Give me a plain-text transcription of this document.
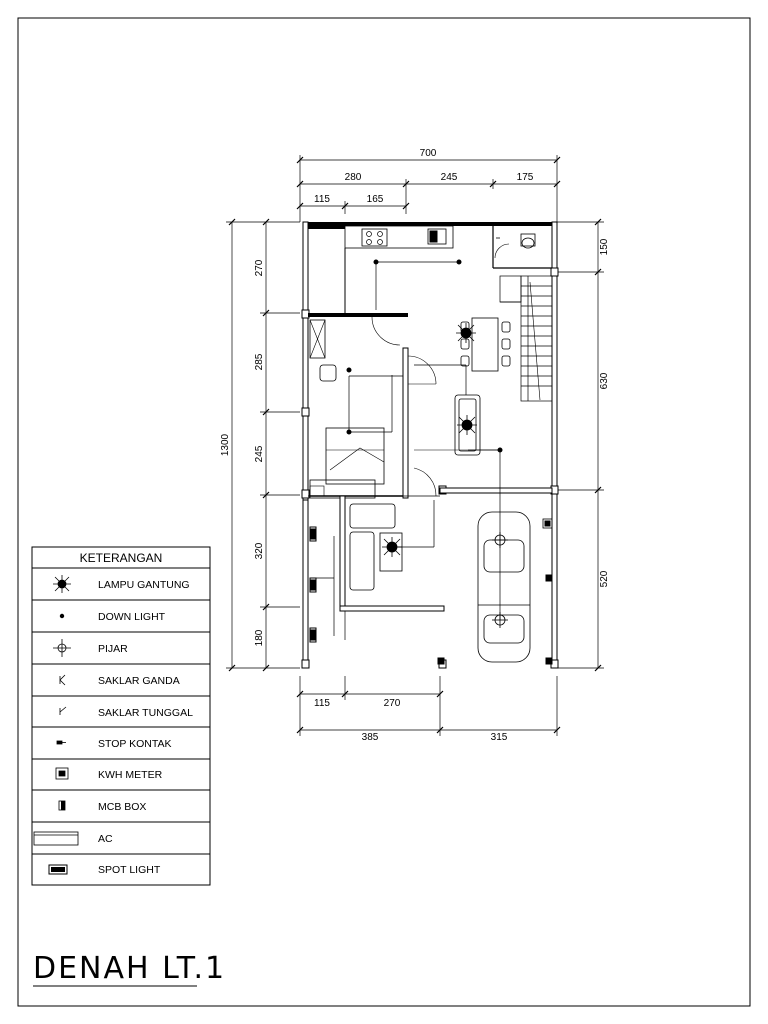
700
280	245	175
115	165
1300
270
285
245
320
180
150
630
520
115	270
385	315
KETERANGAN
LAMPU GANTUNG
DOWN LIGHT
PIJAR
SAKLAR GANDA
SAKLAR TUNGGAL
STOP KONTAK
KWH METER
MCB BOX
AC
SPOT LIGHT
DENAH LT.1
